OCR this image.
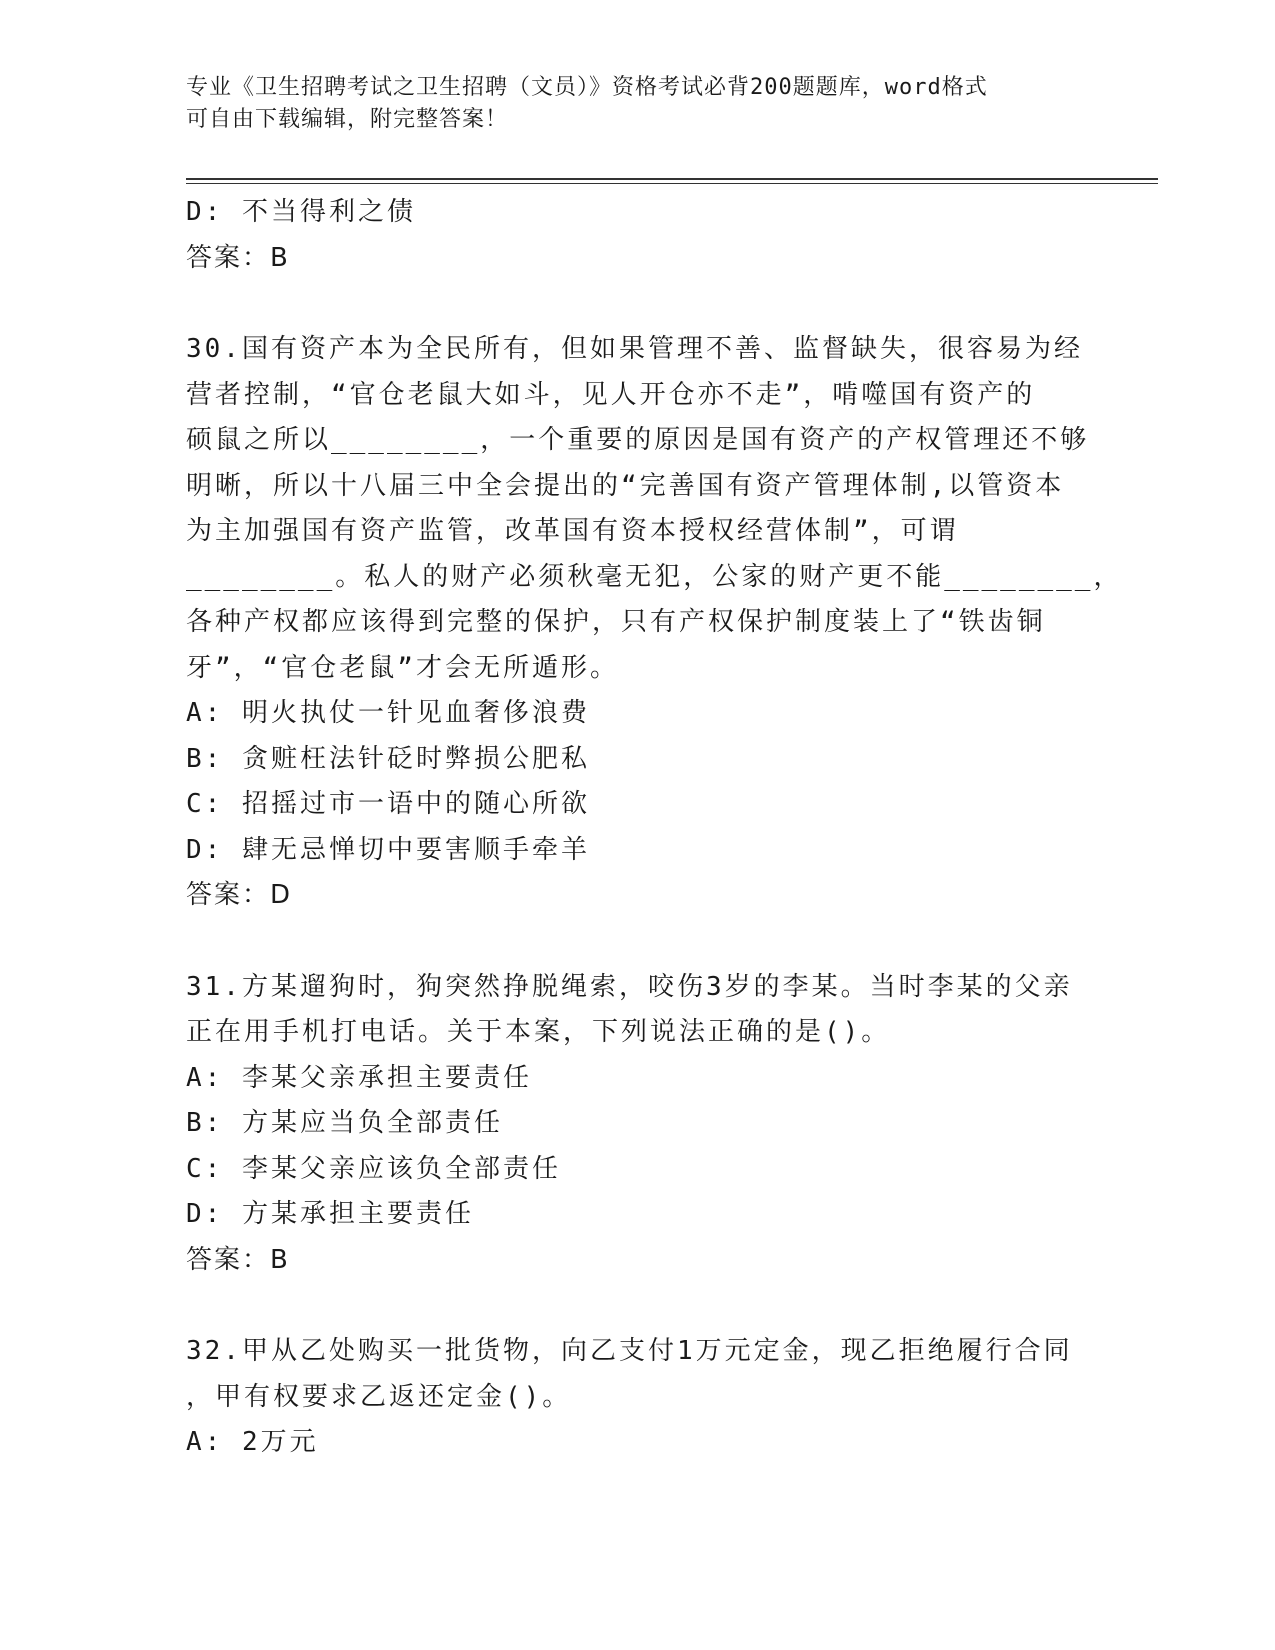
专业《卫生招聘考试之卫生招聘（文员）》资格考试必背200题题库，word格式
可自由下载编辑，附完整答案！
D: 不当得利之债
答案：B
30.国有资产本为全民所有，但如果管理不善、监督缺失，很容易为经
营者控制，“官仓老鼠大如斗，见人开仓亦不走”，啃噬国有资产的
硕鼠之所以________，一个重要的原因是国有资产的产权管理还不够
明晰，所以十八届三中全会提出的“完善国有资产管理体制,以管资本
为主加强国有资产监管，改革国有资本授权经营体制”，可谓
________。私人的财产必须秋毫无犯，公家的财产更不能________，
各种产权都应该得到完整的保护，只有产权保护制度装上了“铁齿铜
牙”，“官仓老鼠”才会无所遁形。
A: 明火执仗一针见血奢侈浪费
B: 贪赃枉法针砭时弊损公肥私
C: 招摇过市一语中的随心所欲
D: 肆无忌惮切中要害顺手牵羊
答案：D
31.方某遛狗时，狗突然挣脱绳索，咬伤3岁的李某。当时李某的父亲
正在用手机打电话。关于本案，下列说法正确的是()。
A: 李某父亲承担主要责任
B: 方某应当负全部责任
C: 李某父亲应该负全部责任
D: 方某承担主要责任
答案：B
32.甲从乙处购买一批货物，向乙支付1万元定金，现乙拒绝履行合同
，甲有权要求乙返还定金()。
A: 2万元
